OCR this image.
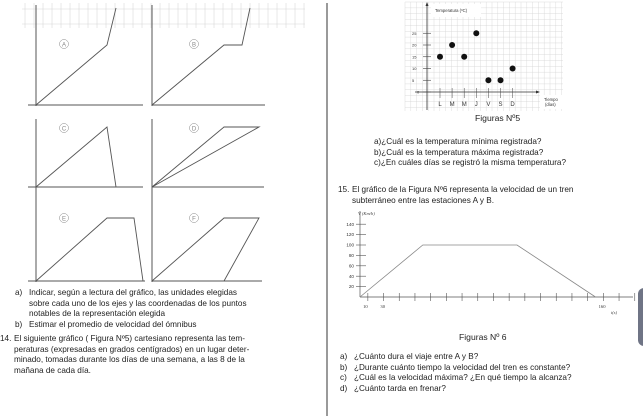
A	B
C	D
E	F
a) Indicar, según a lectura del gráfico, las unidades elegidas
sobre cada uno de los ejes y las coordenadas de los puntos
notables de la representación elegida
b) Estimar el promedio de velocidad del ómnibus
14. El siguiente gráfico ( Figura Nº5) cartesiano representa las tem-
peraturas (expresadas en grados centígrados) en un lugar deter-
minado, tomadas durante los días de una semana, a las 8 de la
mañana de cada día.
Temperatura (ºC)
0
5
10
15
20
25
L M M J V S D
Tiempo
(días)
Figuras Nº5
a)¿Cuál es la temperatura mínima registrada?
b)¿Cuál es la temperatura máxima registrada?
c)¿En cuáles días se registró la misma temperatura?
15. El gráfico de la Figura Nº6 representa la velocidad de un tren
subterráneo entre las estaciones A y B.
V (Km/h)
20
40
60
80
100
120
140
10	30	160
t(s)
Figuras Nº 6
a) ¿Cuánto dura el viaje entre A y B?
b) ¿Durante cuánto tiempo la velocidad del tren es constante?
c) ¿Cuál es la velocidad máxima? ¿En qué tiempo la alcanza?
d) ¿Cuánto tarda en frenar?
